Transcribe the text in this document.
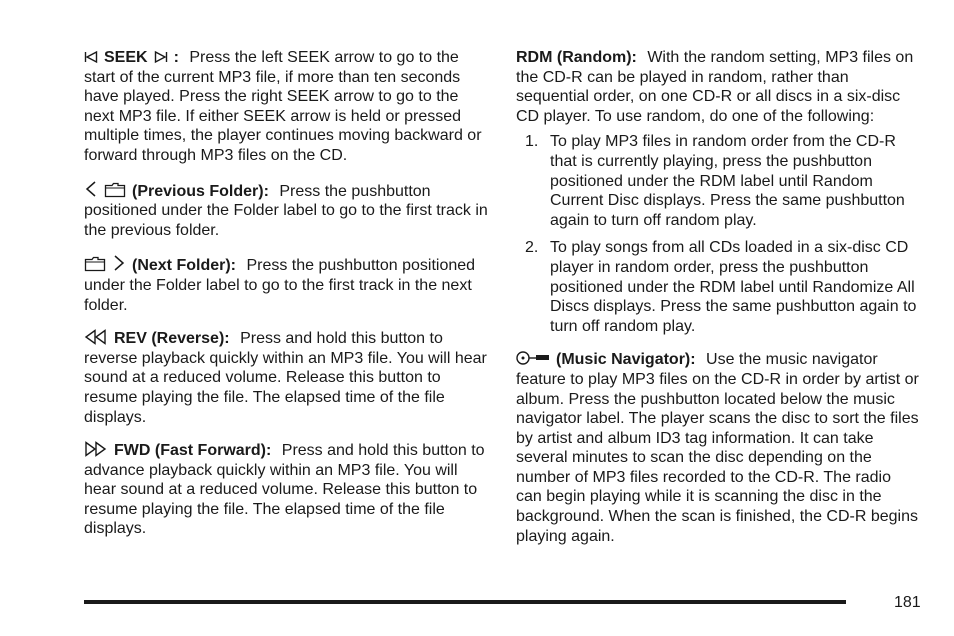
SEEK : Press the left SEEK arrow to go to the start of the current MP3 file, if more than ten seconds have played. Press the right SEEK arrow to go to the next MP3 file. If either SEEK arrow is held or pressed multiple times, the player continues moving backward or forward through MP3 files on the CD.

(Previous Folder): Press the pushbutton positioned under the Folder label to go to the first track in the previous folder.

(Next Folder): Press the pushbutton positioned under the Folder label to go to the first track in the next folder.

REV (Reverse): Press and hold this button to reverse playback quickly within an MP3 file. You will hear sound at a reduced volume. Release this button to resume playing the file. The elapsed time of the file displays.

FWD (Fast Forward): Press and hold this button to advance playback quickly within an MP3 file. You will hear sound at a reduced volume. Release this button to resume playing the file. The elapsed time of the file displays.

RDM (Random): With the random setting, MP3 files on the CD-R can be played in random, rather than sequential order, on one CD-R or all discs in a six-disc CD player. To use random, do one of the following:

1. To play MP3 files in random order from the CD-R that is currently playing, press the pushbutton positioned under the RDM label until Random Current Disc displays. Press the same pushbutton again to turn off random play.
2. To play songs from all CDs loaded in a six-disc CD player in random order, press the pushbutton positioned under the RDM label until Randomize All Discs displays. Press the same pushbutton again to turn off random play.

(Music Navigator): Use the music navigator feature to play MP3 files on the CD-R in order by artist or album. Press the pushbutton located below the music navigator label. The player scans the disc to sort the files by artist and album ID3 tag information. It can take several minutes to scan the disc depending on the number of MP3 files recorded to the CD-R. The radio can begin playing while it is scanning the disc in the background. When the scan is finished, the CD-R begins playing again.

181
